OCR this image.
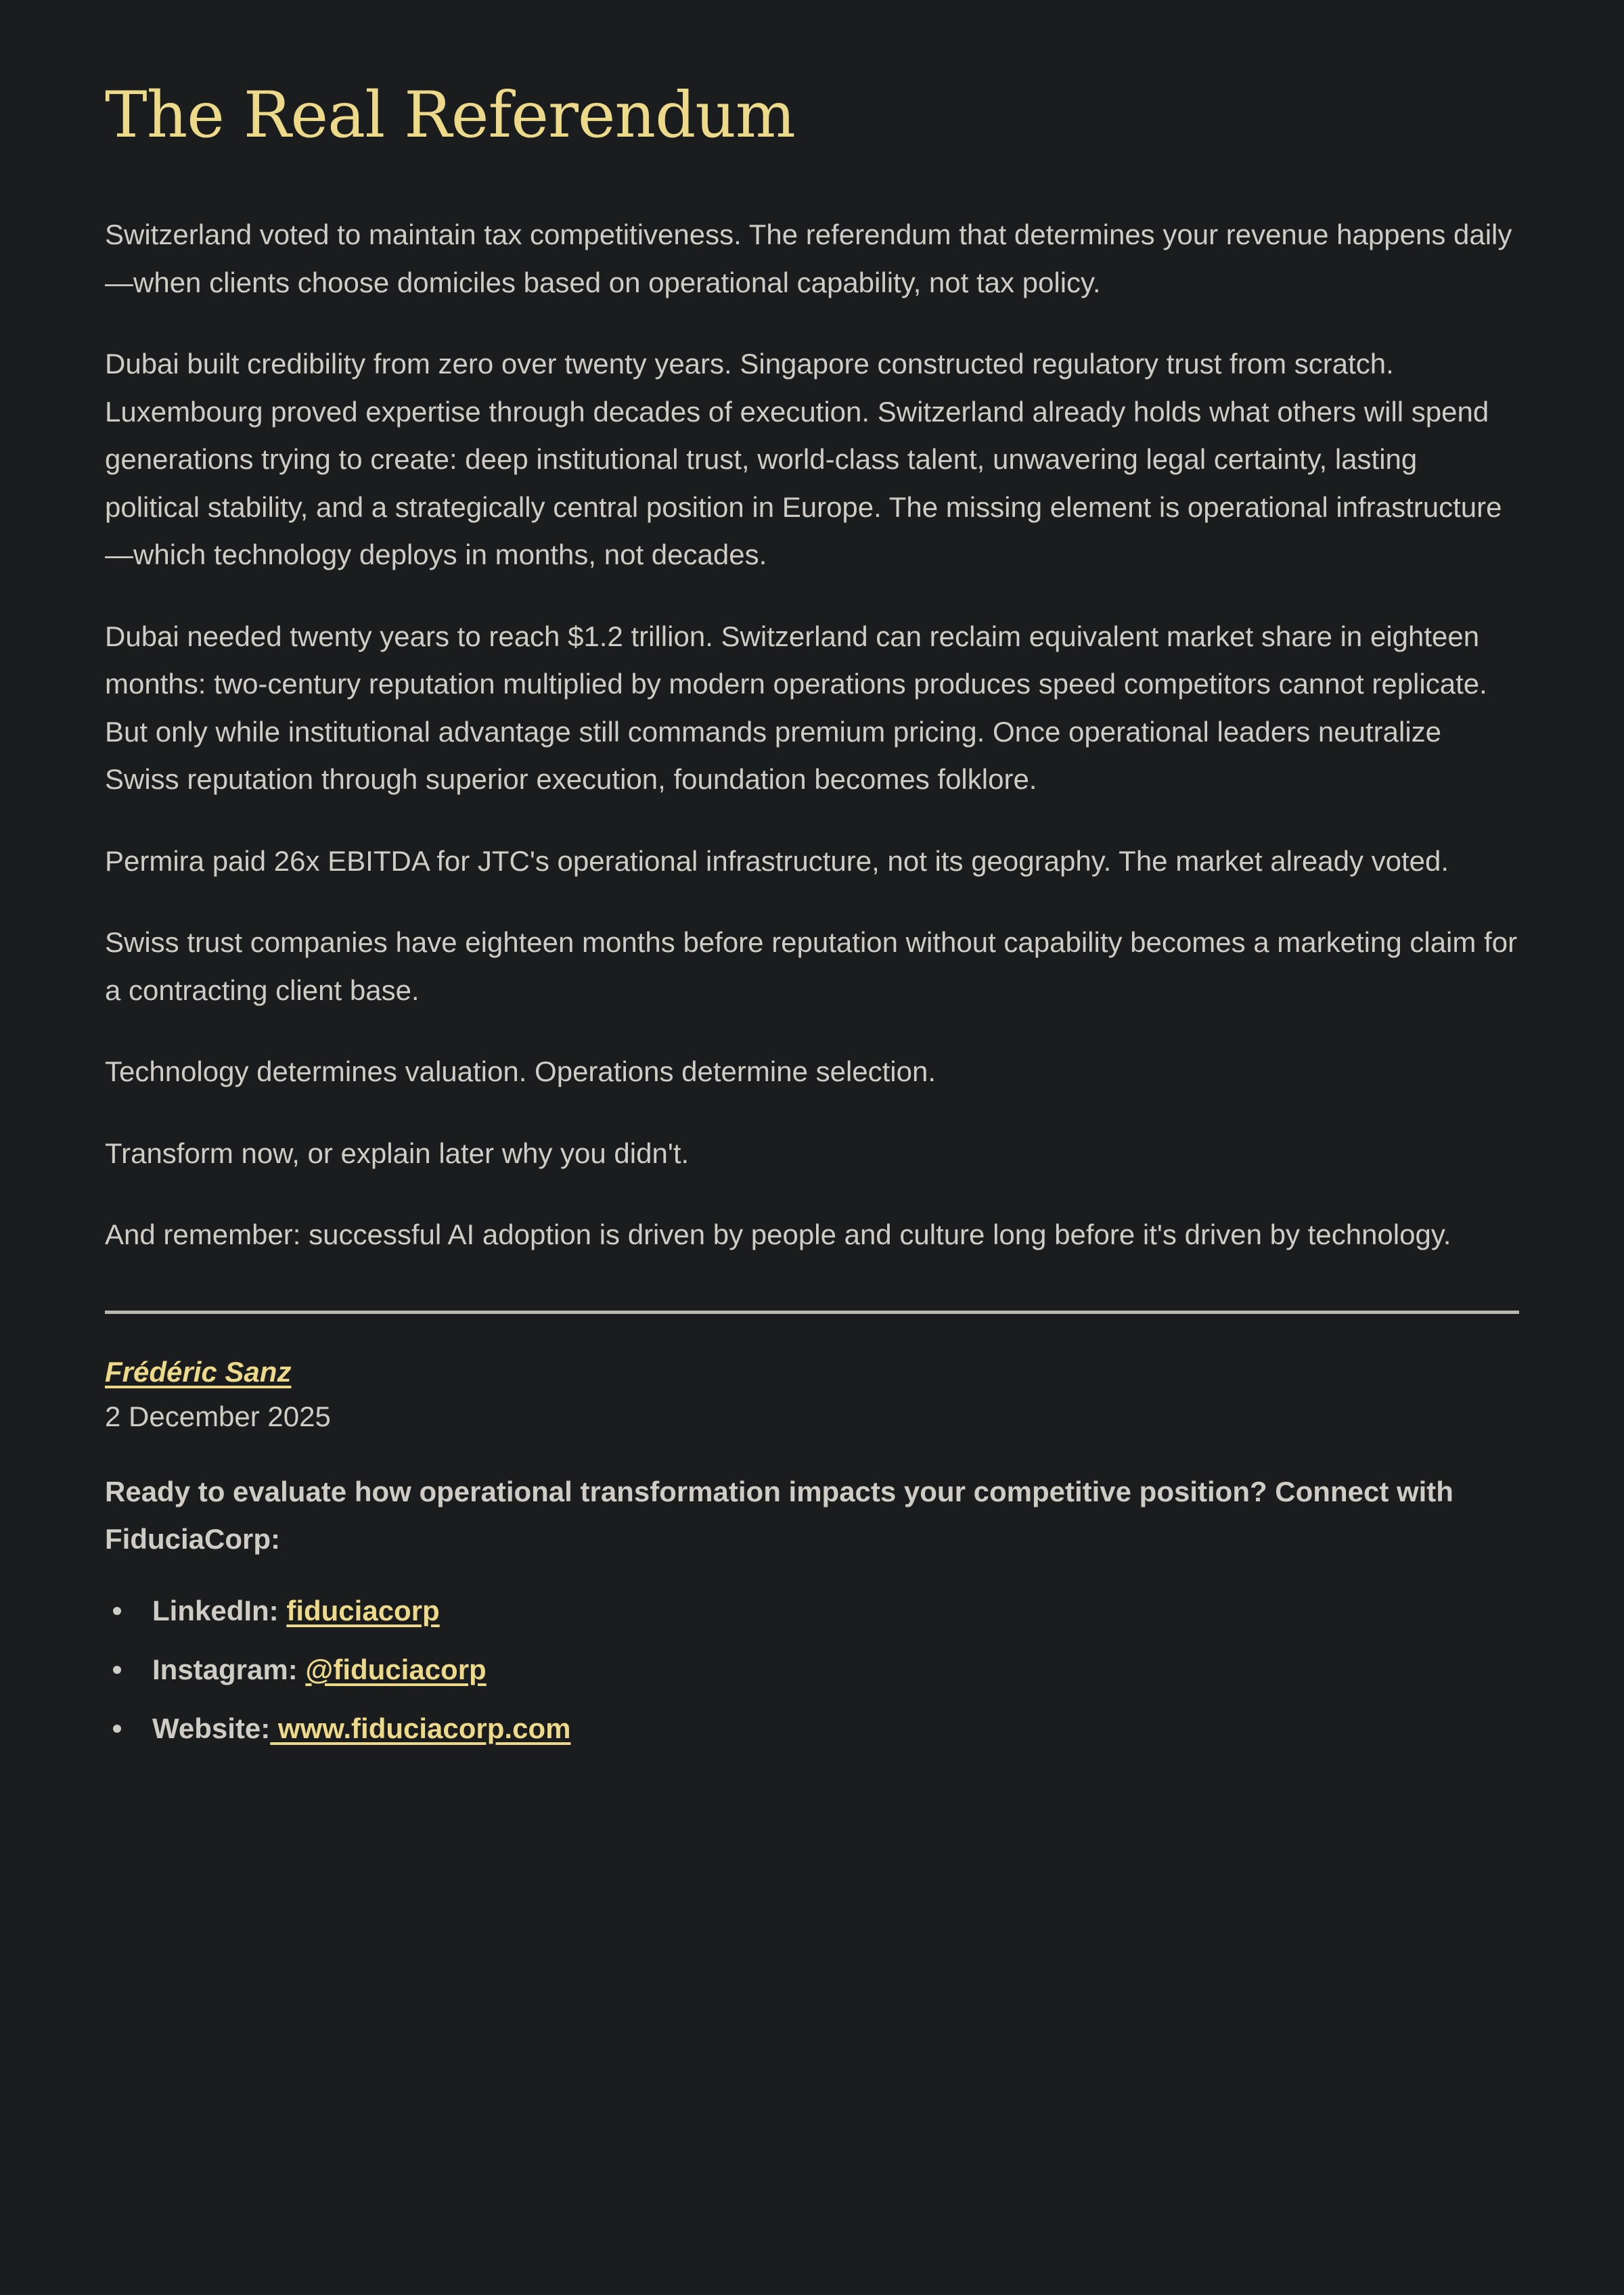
The Real Referendum

Switzerland voted to maintain tax competitiveness. The referendum that determines your revenue happens daily—when clients choose domiciles based on operational capability, not tax policy.

Dubai built credibility from zero over twenty years. Singapore constructed regulatory trust from scratch. Luxembourg proved expertise through decades of execution. Switzerland already holds what others will spend generations trying to create: deep institutional trust, world-class talent, unwavering legal certainty, lasting political stability, and a strategically central position in Europe. The missing element is operational infrastructure—which technology deploys in months, not decades.

Dubai needed twenty years to reach $1.2 trillion. Switzerland can reclaim equivalent market share in eighteen months: two-century reputation multiplied by modern operations produces speed competitors cannot replicate. But only while institutional advantage still commands premium pricing. Once operational leaders neutralize Swiss reputation through superior execution, foundation becomes folklore.

Permira paid 26x EBITDA for JTC's operational infrastructure, not its geography. The market already voted.

Swiss trust companies have eighteen months before reputation without capability becomes a marketing claim for a contracting client base.

Technology determines valuation. Operations determine selection.

Transform now, or explain later why you didn't.

And remember: successful AI adoption is driven by people and culture long before it's driven by technology.

Frédéric Sanz
2 December 2025
Ready to evaluate how operational transformation impacts your competitive position? Connect with FiduciaCorp:
LinkedIn: fiduciacorp
Instagram: @fiduciacorp
Website: www.fiduciacorp.com
